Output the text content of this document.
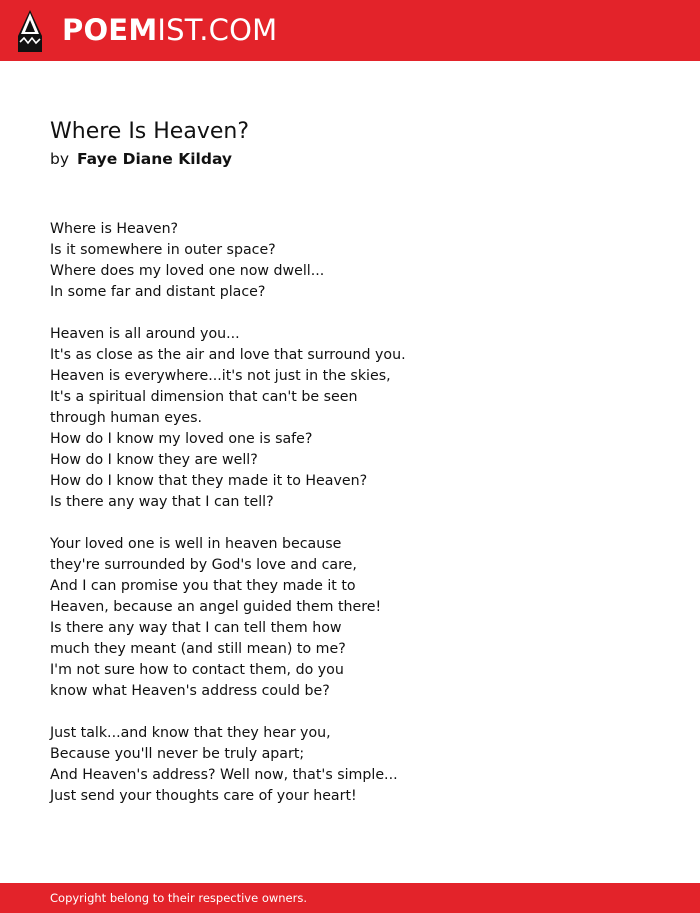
POEMIST.COM
Where Is Heaven?
by Faye Diane Kilday
Where is Heaven?
Is it somewhere in outer space?
Where does my loved one now dwell...
In some far and distant place?
Heaven is all around you...
It's as close as the air and love that surround you.
Heaven is everywhere...it's not just in the skies,
It's a spiritual dimension that can't be seen
through human eyes.
How do I know my loved one is safe?
How do I know they are well?
How do I know that they made it to Heaven?
Is there any way that I can tell?
Your loved one is well in heaven because
they're surrounded by God's love and care,
And I can promise you that they made it to
Heaven, because an angel guided them there!
Is there any way that I can tell them how
much they meant (and still mean) to me?
I'm not sure how to contact them, do you
know what Heaven's address could be?
Just talk...and know that they hear you,
Because you'll never be truly apart;
And Heaven's address? Well now, that's simple...
Just send your thoughts care of your heart!
Copyright belong to their respective owners.
